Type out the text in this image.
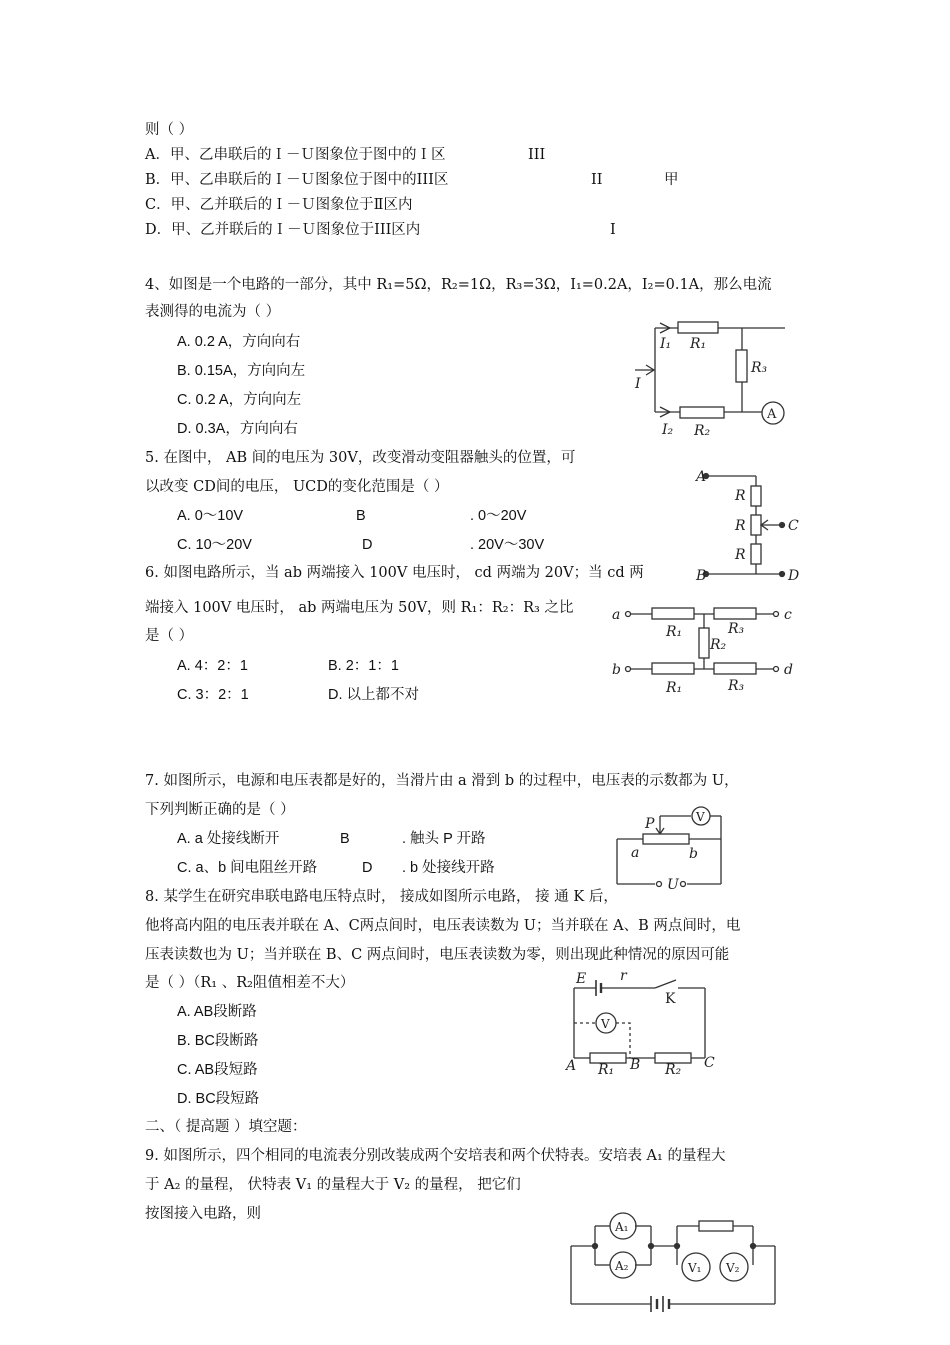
则（ ）
A．甲、乙串联后的Ｉ－Ｕ图象位于图中的Ｉ区
B．甲、乙串联后的Ｉ－Ｕ图象位于图中的III区
C．甲、乙并联后的Ｉ－Ｕ图象位于Ⅱ区内
D．甲、乙并联后的Ｉ－Ｕ图象位于III区内
III
II	甲
I
4、如图是一个电路的一部分，其中 R₁=5Ω，R₂=1Ω，R₃=3Ω，I₁=0.2A，I₂=0.1A，那么电流
表测得的电流为（ ）
A. 0.2 A，方向向右
B. 0.15A，方向向左
C. 0.2 A，方向向左
D. 0.3A，方向向右
A
I₁ R₁
R₃
I
I₂ R₂
5. 在图中， AB 间的电压为 30V，改变滑动变阻器触头的位置，可
以改变 CD间的电压， UCD的变化范围是（ ）
A. 0～10V	B	. 0～20V
C. 10～20V	D	. 20V～30V
A
R
R
R
C
B	D
6. 如图电路所示，当 ab 两端接入 100V 电压时， cd 两端为 20V；当 cd 两
端接入 100V 电压时， ab 两端电压为 50V，则 R₁：R₂：R₃ 之比
是（ ）
A. 4：2：1	B. 2：1：1
C. 3：2：1	D. 以上都不对
a	c
b	d
R₁	R₃
R₂
R₁	R₃
7. 如图所示，电源和电压表都是好的，当滑片由 a 滑到 b 的过程中，电压表的示数都为 U，
下列判断正确的是（ ）
A. a 处接线断开	B	. 触头 P 开路
C. a、b 间电阻丝开路	D . b 处接线开路
P	V
U
a	b
8. 某学生在研究串联电路电压特点时， 接成如图所示电路， 接 通 K 后，
他将高内阻的电压表并联在 A、C两点间时，电压表读数为 U；当并联在 A、B 两点间时，电
压表读数也为 U；当并联在 B、C 两点间时，电压表读数为零，则出现此种情况的原因可能
是（ ）（R₁ 、R₂阻值相差不大）
A. AB段断路
B. BC段断路
C. AB段短路
D. BC段短路
E r
K
V
A R₁ B R₂ C
二、（ 提高题 ）填空题：
9. 如图所示，四个相同的电流表分别改装成两个安培表和两个伏特表。安培表 A₁ 的量程大
于 A₂ 的量程， 伏特表 V₁ 的量程大于 V₂ 的量程， 把它们
按图接入电路，则
A₁
A₂	V₁ V₂
